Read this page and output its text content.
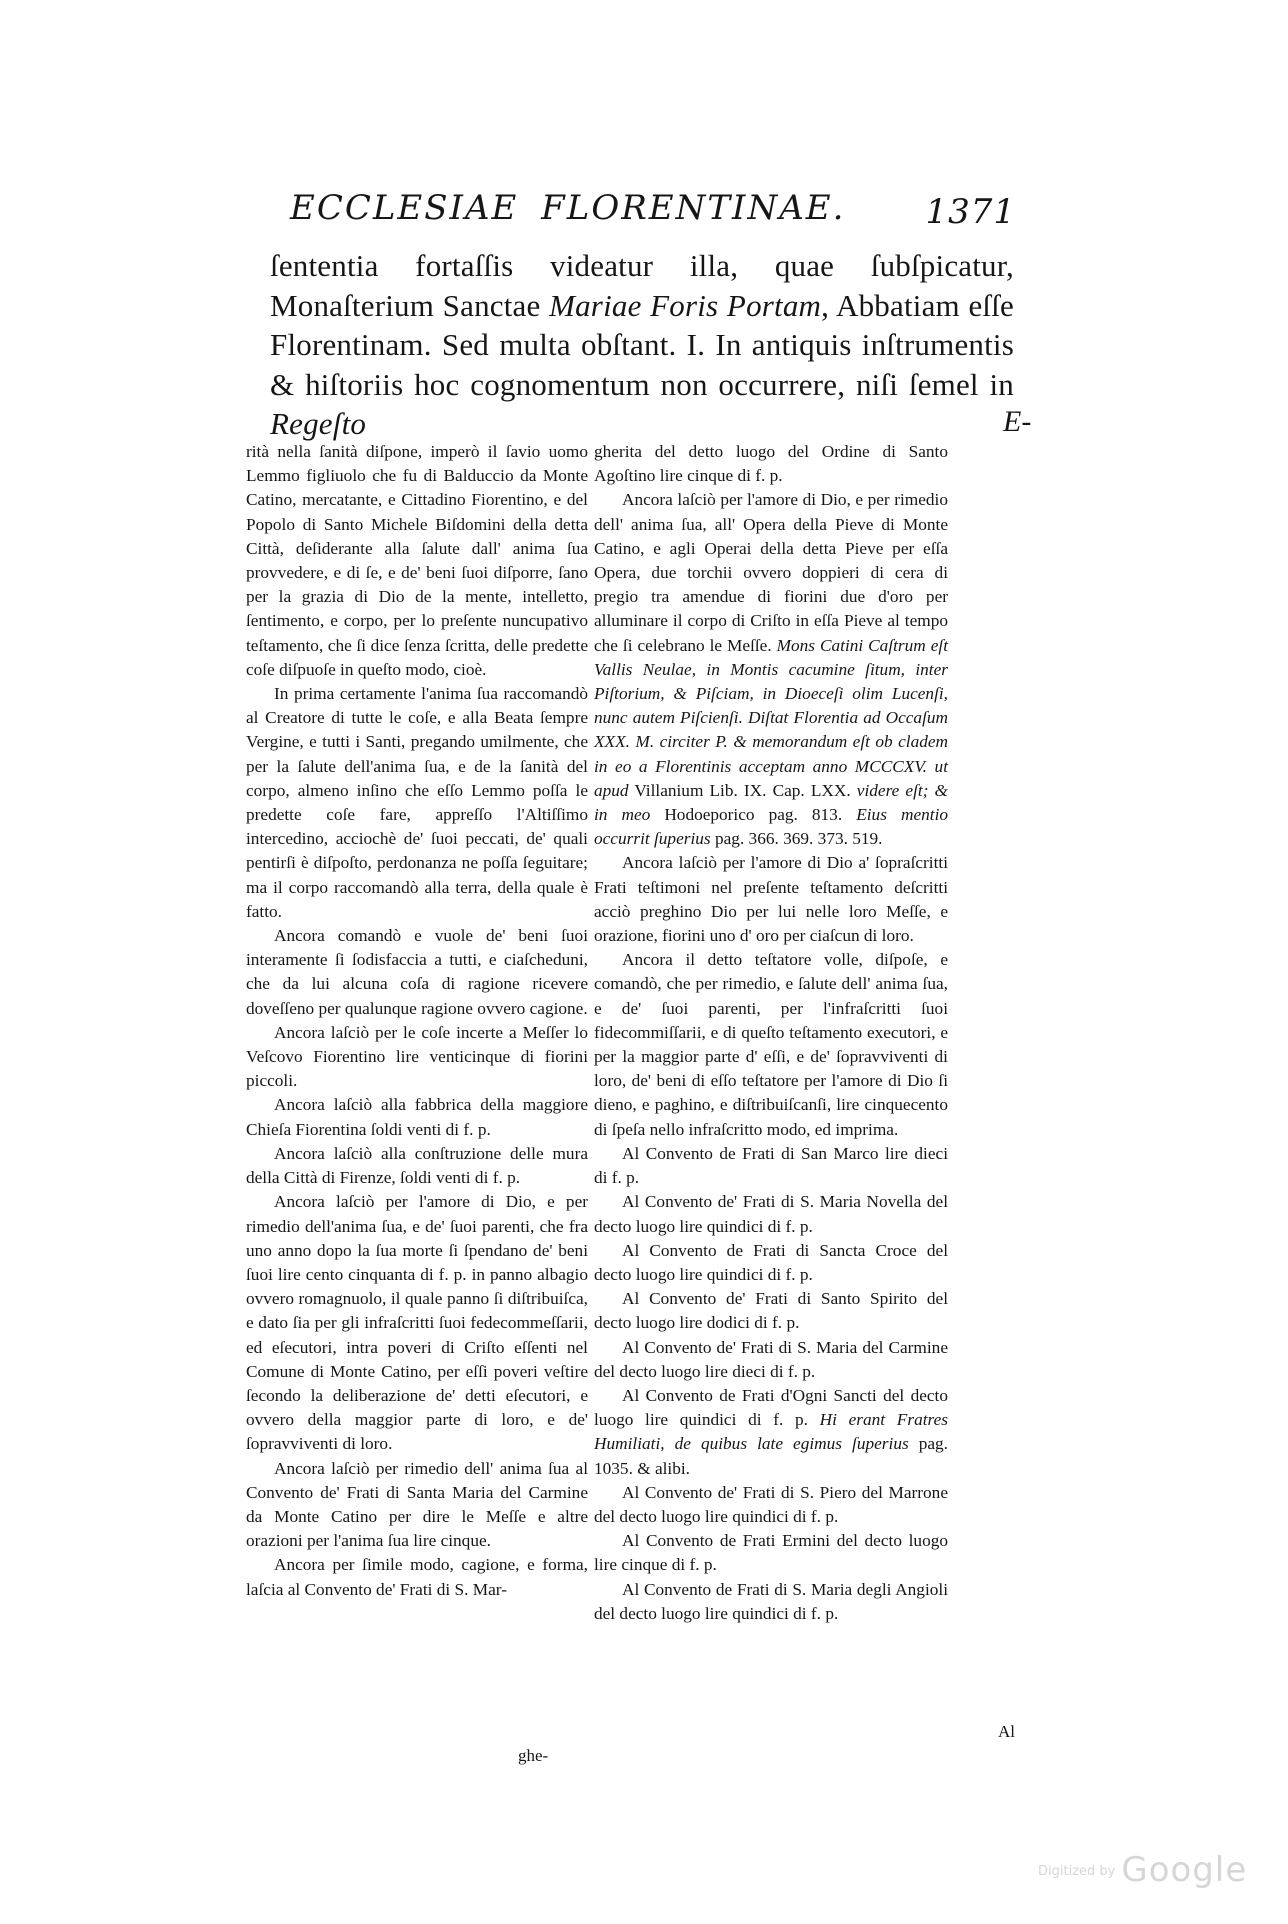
ECCLESIAE FLORENTINAE. 1371

ſententia fortaſſis videatur illa, quae ſubſpicatur, Monaſterium Sanctae Mariae Foris Portam, Abbatiam eſſe Florentinam. Sed multa obſtant. I. In antiquis inſtrumentis & hiſtoriis hoc cognomentum non occurrere, niſi ſemel in Regeſto	E-

rità nella ſanità diſpone, imperò il ſavio uomo Lemmo figliuolo che fu di Balduccio da Monte Catino, mercatante, e Cittadino Fiorentino, e del Popolo di Santo Michele Biſdomini della detta Città, deſiderante alla ſalute dall' anima ſua provvedere, e di ſe, e de' beni ſuoi diſporre, ſano per la grazia di Dio de la mente, intelletto, ſentimento, e corpo, per lo preſente nuncupativo teſtamento, che ſi dice ſenza ſcritta, delle predette coſe diſpuoſe in queſto modo, cioè.

In prima certamente l'anima ſua raccomandò al Creatore di tutte le coſe, e alla Beata ſempre Vergine, e tutti i Santi, pregando umilmente, che per la ſalute dell'anima ſua, e de la ſanità del corpo, almeno inſino che eſſo Lemmo poſſa le predette coſe fare, appreſſo l'Altiſſimo intercedino, acciochè de' ſuoi peccati, de' quali pentirſi è diſpoſto, perdonanza ne poſſa ſeguitare; ma il corpo raccomandò alla terra, della quale è fatto.

Ancora comandò e vuole de' beni ſuoi interamente ſi ſodisfaccia a tutti, e ciaſcheduni, che da lui alcuna coſa di ragione ricevere doveſſeno per qualunque ragione ovvero cagione.

Ancora laſciò per le coſe incerte a Meſſer lo Veſcovo Fiorentino lire venticinque di fiorini piccoli.

Ancora laſciò alla fabbrica della maggiore Chieſa Fiorentina ſoldi venti di f. p.

Ancora laſciò alla conſtruzione delle mura della Città di Firenze, ſoldi venti di f. p.

Ancora laſciò per l'amore di Dio, e per rimedio dell'anima ſua, e de' ſuoi parenti, che fra uno anno dopo la ſua morte ſi ſpendano de' beni ſuoi lire cento cinquanta di f. p. in panno albagio ovvero romagnuolo, il quale panno ſi diſtribuiſca, e dato ſia per gli infraſcritti ſuoi fedecommeſſarii, ed eſecutori, intra poveri di Criſto eſſenti nel Comune di Monte Catino, per eſſi poveri veſtire ſecondo la deliberazione de' detti eſecutori, e ovvero della maggior parte di loro, e de' ſopravviventi di loro.

Ancora laſciò per rimedio dell' anima ſua al Convento de' Frati di Santa Maria del Carmine da Monte Catino per dire le Meſſe e altre orazioni per l'anima ſua lire cinque.

Ancora per ſimile modo, cagione, e forma, laſcia al Convento de' Frati di S. Mar-

ghe-

gherita del detto luogo del Ordine di Santo Agoſtino lire cinque di f. p.

Ancora laſciò per l'amore di Dio, e per rimedio dell' anima ſua, all' Opera della Pieve di Monte Catino, e agli Operai della detta Pieve per eſſa Opera, due torchii ovvero doppieri di cera di pregio tra amendue di fiorini due d'oro per alluminare il corpo di Criſto in eſſa Pieve al tempo che ſi celebrano le Meſſe. Mons Catini Caſtrum eſt Vallis Neulae, in Montis cacumine ſitum, inter Piſtorium, & Piſciam, in Dioeceſi olim Lucenſi, nunc autem Piſcienſi. Diſtat Florentia ad Occaſum XXX. M. circiter P. & memorandum eſt ob cladem in eo a Florentinis acceptam anno MCCCXV. ut apud Villanium Lib. IX. Cap. LXX. videre eſt; & in meo Hodoeporico pag. 813. Eius mentio occurrit ſuperius pag. 366. 369. 373. 519.

Ancora laſciò per l'amore di Dio a' ſopraſcritti Frati teſtimoni nel preſente teſtamento deſcritti acciò preghino Dio per lui nelle loro Meſſe, e orazione, fiorini uno d' oro per ciaſcun di loro.

Ancora il detto teſtatore volle, diſpoſe, e comandò, che per rimedio, e ſalute dell' anima ſua, e de' ſuoi parenti, per l'infraſcritti ſuoi fidecommiſſarii, e di queſto teſtamento executori, e per la maggior parte d' eſſi, e de' ſopravviventi di loro, de' beni di eſſo teſtatore per l'amore di Dio ſi dieno, e paghino, e diſtribuiſcanſi, lire cinquecento di ſpeſa nello infraſcritto modo, ed imprima.

Al Convento de Frati di San Marco lire dieci di f. p.

Al Convento de' Frati di S. Maria Novella del decto luogo lire quindici di f. p.

Al Convento de Frati di Sancta Croce del decto luogo lire quindici di f. p.

Al Convento de' Frati di Santo Spirito del decto luogo lire dodici di f. p.

Al Convento de' Frati di S. Maria del Carmine del decto luogo lire dieci di f. p.

Al Convento de Frati d'Ogni Sancti del decto luogo lire quindici di f. p. Hi erant Fratres Humiliati, de quibus late egimus ſuperius pag. 1035. & alibi.

Al Convento de' Frati di S. Piero del Marrone del decto luogo lire quindici di f. p.

Al Convento de Frati Ermini del decto luogo lire cinque di f. p.

Al Convento de Frati di S. Maria degli Angioli del decto luogo lire quindici di f. p.

Al
Digitized by Google
